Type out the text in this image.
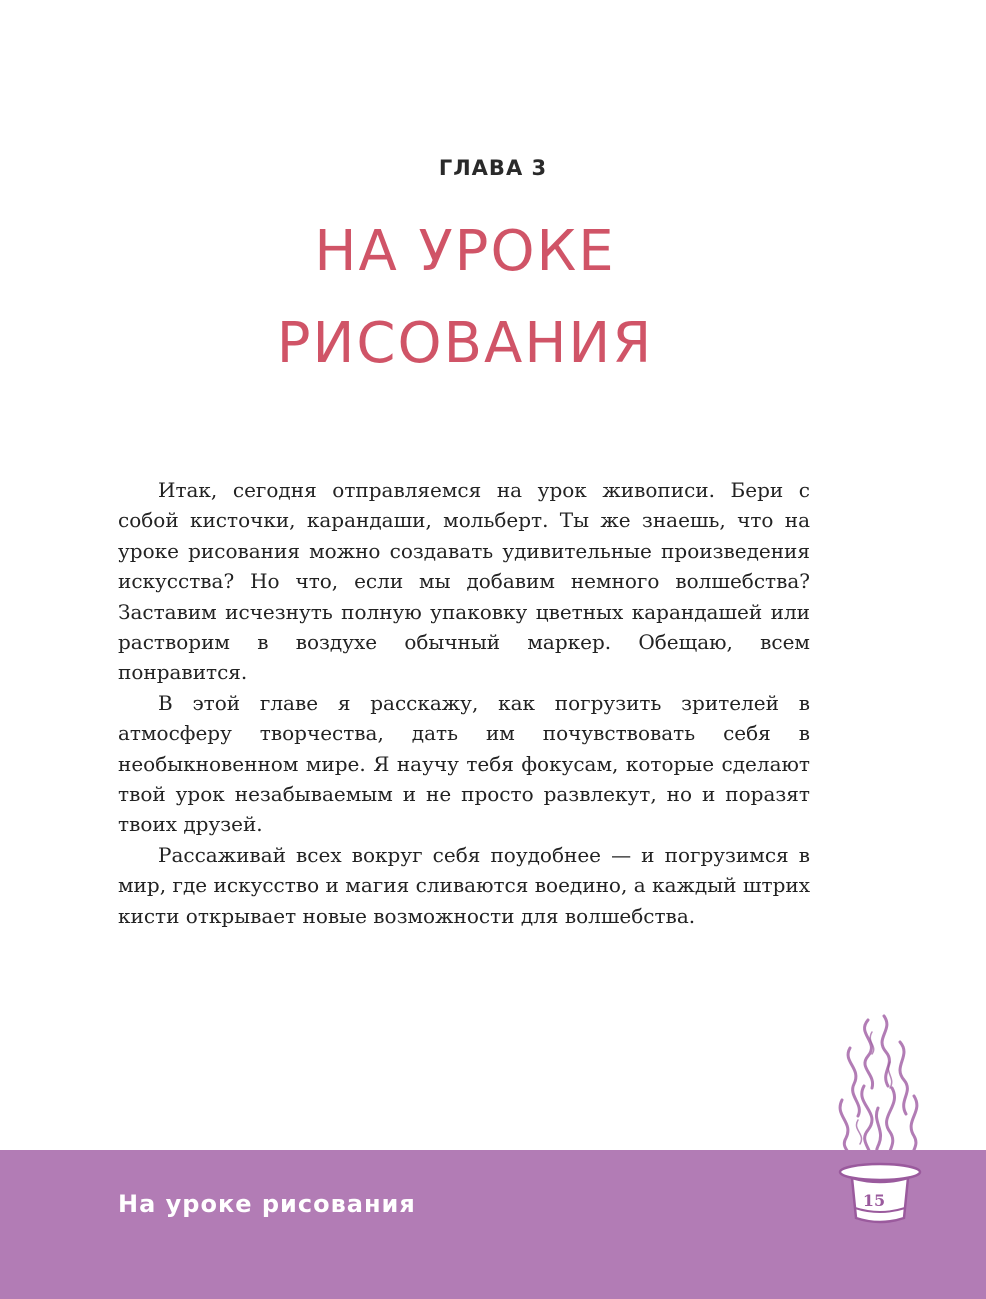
ГЛАВА 3
НА УРОКЕ
РИСОВАНИЯ

Итак, сегодня отправляемся на урок живописи. Бери с собой кисточки, карандаши, мольберт. Ты же знаешь, что на уроке рисования можно создавать удивительные произведения искусства? Но что, если мы добавим немного волшебства? Заставим исчезнуть полную упаковку цветных карандашей или растворим в воздухе обычный маркер. Обещаю, всем понравится.

В этой главе я расскажу, как погрузить зрителей в атмосферу творчества, дать им почувствовать себя в необыкновенном мире. Я научу тебя фокусам, которые сделают твой урок незабываемым и не просто развлекут, но и поразят твоих друзей.

Рассаживай всех вокруг себя поудобнее — и погрузимся в мир, где искусство и магия сливаются воедино, а каждый штрих кисти открывает новые возможности для волшебства.

На уроке рисования	15
